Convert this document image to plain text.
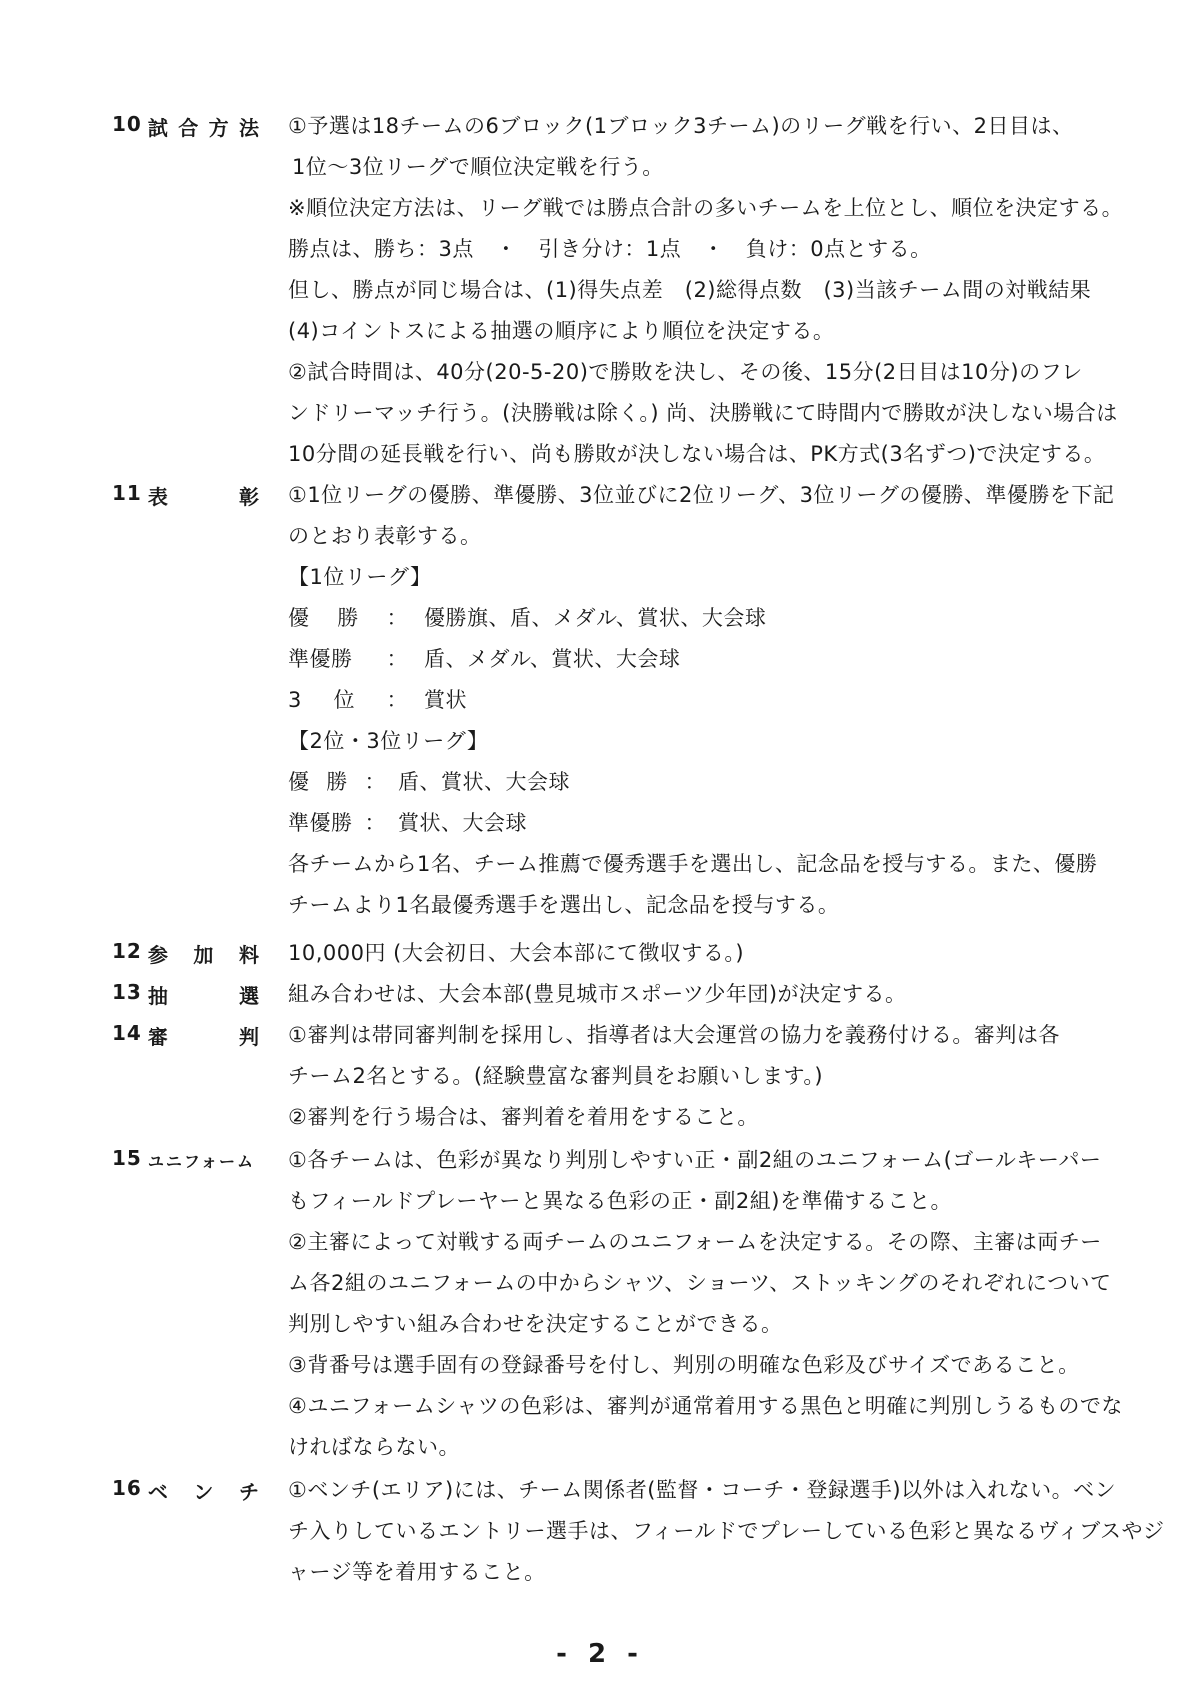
10 試 合 方 法 ①予選は18チームの6ブロック(1ブロック3チーム)のリーグ戦を行い、2日目は、
1位～3位リーグで順位決定戦を行う。
※順位決定方法は、リーグ戦では勝点合計の多いチームを上位とし、順位を決定する。
勝点は、勝ち：3点　・　引き分け：1点　・　負け：0点とする。
但し、勝点が同じ場合は、(1)得失点差　(2)総得点数　(3)当該チーム間の対戦結果
(4)コイントスによる抽選の順序により順位を決定する。
②試合時間は、40分(20-5-20)で勝敗を決し、その後、15分(2日目は10分)のフレ
ンドリーマッチ行う。(決勝戦は除く。) 尚、決勝戦にて時間内で勝敗が決しない場合は
10分間の延長戦を行い、尚も勝敗が決しない場合は、PK方式(3名ずつ)で決定する。
11 表	彰 ①1位リーグの優勝、準優勝、3位並びに2位リーグ、3位リーグの優勝、準優勝を下記
のとおり表彰する。
【1位リーグ】
優 勝 ： 優勝旗、盾、メダル、賞状、大会球
準優勝 ： 盾、メダル、賞状、大会球
3 位 ： 賞状
【2位・3位リーグ】
優 勝 ： 盾、賞状、大会球
準優勝 ： 賞状、大会球
各チームから1名、チーム推薦で優秀選手を選出し、記念品を授与する。また、優勝
チームより1名最優秀選手を選出し、記念品を授与する。
12 参 加 料 10,000円 (大会初日、大会本部にて徴収する。)
13 抽	選 組み合わせは、大会本部(豊見城市スポーツ少年団)が決定する。
14 審	判 ①審判は帯同審判制を採用し、指導者は大会運営の協力を義務付ける。審判は各
チーム2名とする。(経験豊富な審判員をお願いします。)
②審判を行う場合は、審判着を着用をすること。
15 ユニフォーム ①各チームは、色彩が異なり判別しやすい正・副2組のユニフォーム(ゴールキーパー
もフィールドプレーヤーと異なる色彩の正・副2組)を準備すること。
②主審によって対戦する両チームのユニフォームを決定する。その際、主審は両チー
ム各2組のユニフォームの中からシャツ、ショーツ、ストッキングのそれぞれについて
判別しやすい組み合わせを決定することができる。
③背番号は選手固有の登録番号を付し、判別の明確な色彩及びサイズであること。
④ユニフォームシャツの色彩は、審判が通常着用する黒色と明確に判別しうるものでな
ければならない。
16 ベ ン チ ①ベンチ(エリア)には、チーム関係者(監督・コーチ・登録選手)以外は入れない。ベン
チ入りしているエントリー選手は、フィールドでプレーしている色彩と異なるヴィブスやジ
ャージ等を着用すること。
- 2 -
